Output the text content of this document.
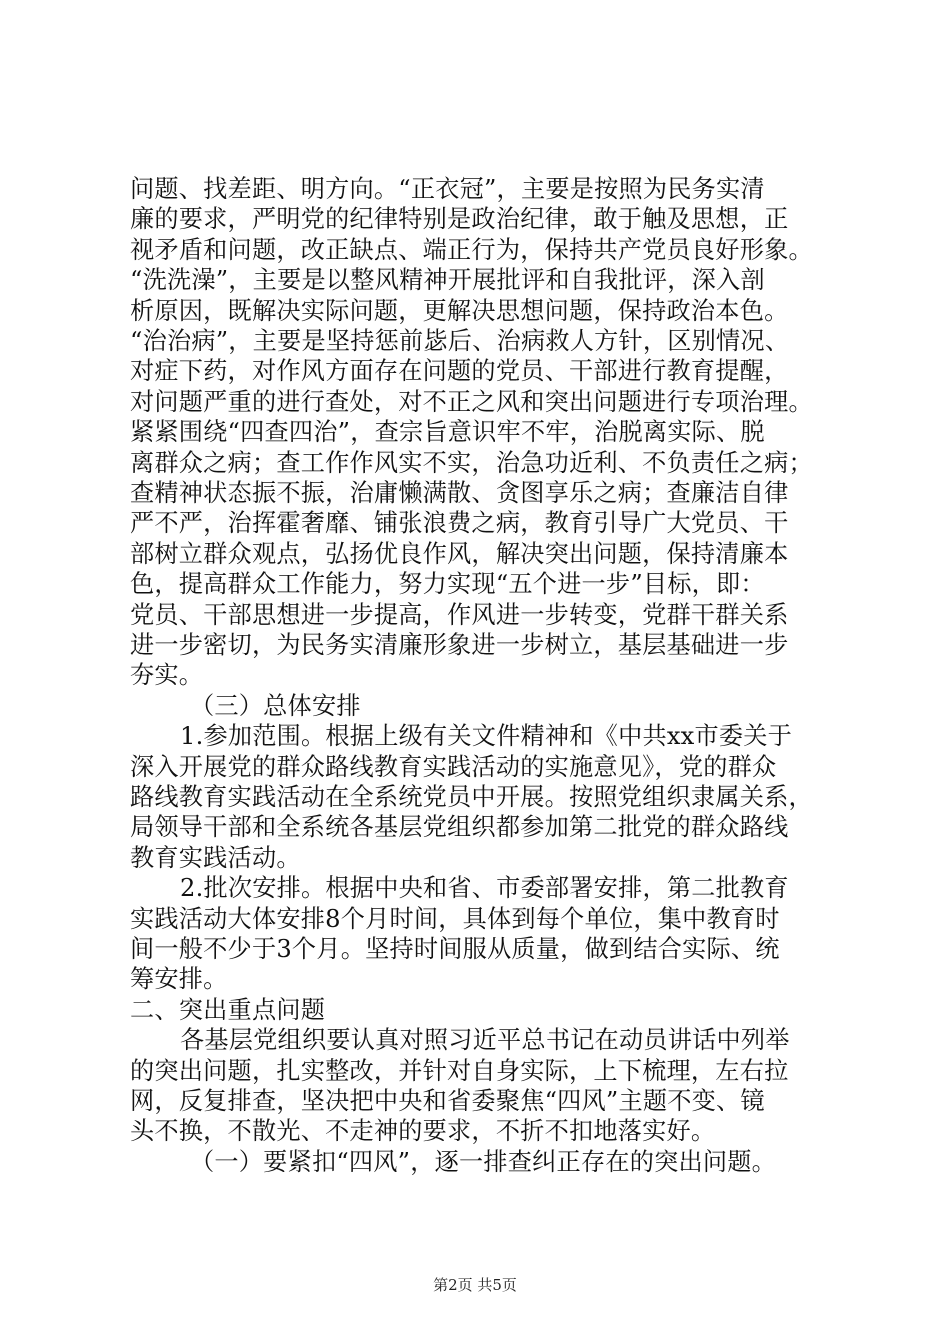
问题、找差距、明方向。“正衣冠”，主要是按照为民务实清
廉的要求，严明党的纪律特别是政治纪律，敢于触及思想，正
视矛盾和问题，改正缺点、端正行为，保持共产党员良好形象。
“洗洗澡”，主要是以整风精神开展批评和自我批评，深入剖
析原因，既解决实际问题，更解决思想问题，保持政治本色。
“治治病”，主要是坚持惩前毖后、治病救人方针，区别情况、
对症下药，对作风方面存在问题的党员、干部进行教育提醒，
对问题严重的进行查处，对不正之风和突出问题进行专项治理。
紧紧围绕“四查四治”，查宗旨意识牢不牢，治脱离实际、脱
离群众之病；查工作作风实不实，治急功近利、不负责任之病；
查精神状态振不振，治庸懒满散、贪图享乐之病；查廉洁自律
严不严，治挥霍奢靡、铺张浪费之病，教育引导广大党员、干
部树立群众观点，弘扬优良作风，解决突出问题，保持清廉本
色，提高群众工作能力，努力实现“五个进一步”目标，即：
党员、干部思想进一步提高，作风进一步转变，党群干群关系
进一步密切，为民务实清廉形象进一步树立，基层基础进一步
夯实。
（三）总体安排
1.参加范围。根据上级有关文件精神和《中共xx市委关于
深入开展党的群众路线教育实践活动的实施意见》，党的群众
路线教育实践活动在全系统党员中开展。按照党组织隶属关系，
局领导干部和全系统各基层党组织都参加第二批党的群众路线
教育实践活动。
2.批次安排。根据中央和省、市委部署安排，第二批教育
实践活动大体安排8个月时间，具体到每个单位，集中教育时
间一般不少于3个月。坚持时间服从质量，做到结合实际、统
筹安排。
二、突出重点问题
各基层党组织要认真对照习近平总书记在动员讲话中列举
的突出问题，扎实整改，并针对自身实际，上下梳理，左右拉
网，反复排查，坚决把中央和省委聚焦“四风”主题不变、镜
头不换，不散光、不走神的要求，不折不扣地落实好。
（一）要紧扣“四风”，逐一排查纠正存在的突出问题。
第2页 共5页
